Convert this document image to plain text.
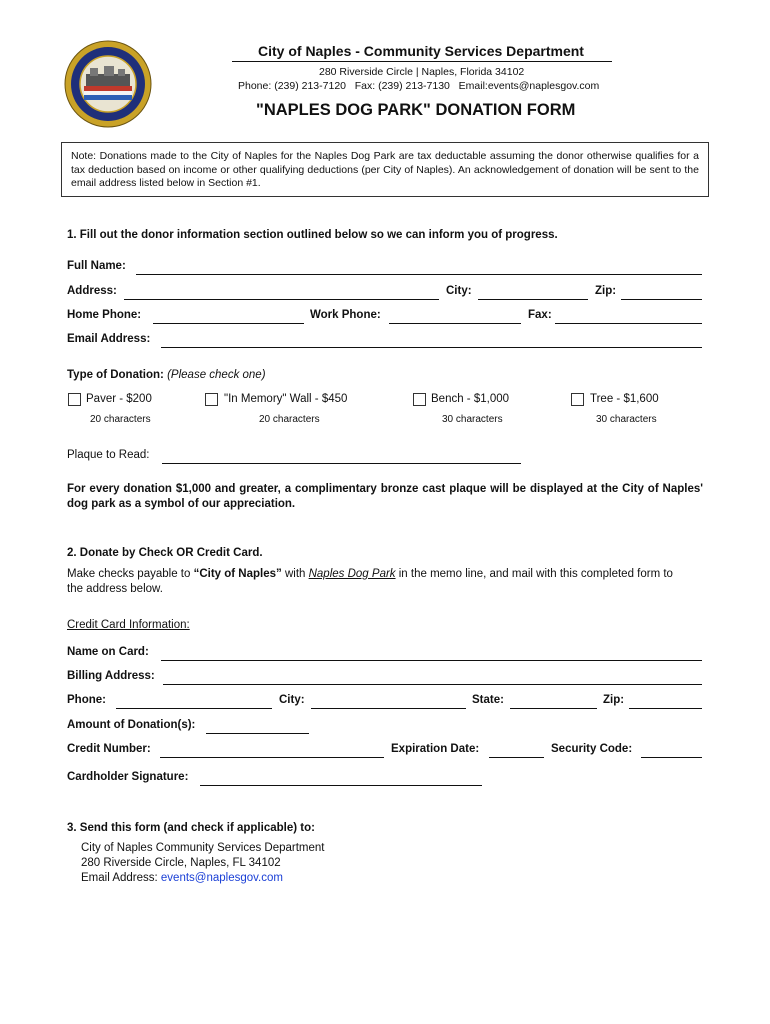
City of Naples - Community Services Department
280 Riverside Circle | Naples, Florida 34102
Phone: (239) 213-7120   Fax: (239) 213-7130   Email:events@naplesgov.com
"NAPLES DOG PARK" DONATION FORM
Note: Donations made to the City of Naples for the Naples Dog Park are tax deductable assuming the donor otherwise qualifies for a tax deduction based on income or other qualifying deductions (per City of Naples). An acknowledgement of donation will be sent to the email address listed below in Section #1.
1. Fill out the donor information section outlined below so we can inform you of progress.
Full Name:
Address:	City:	Zip:
Home Phone:	Work Phone:	Fax:
Email Address:
Type of Donation: (Please check one)
Paver - $200
20 characters
"In Memory" Wall - $450
20 characters
Bench - $1,000
30 characters
Tree - $1,600
30 characters
Plaque to Read:
For every donation $1,000 and greater, a complimentary bronze cast plaque will be displayed at the City of Naples' dog park as a symbol of our appreciation.
2. Donate by Check OR Credit Card.
Make checks payable to “City of Naples” with Naples Dog Park in the memo line, and mail with this completed form to
the address below.
Credit Card Information:
Name on Card:
Billing Address:
Phone:	City:	State:	Zip:
Amount of Donation(s):
Credit Number:	Expiration Date:	Security Code:
Cardholder Signature:
3. Send this form (and check if applicable) to:
City of Naples Community Services Department
280 Riverside Circle, Naples, FL 34102
Email Address: events@naplesgov.com
